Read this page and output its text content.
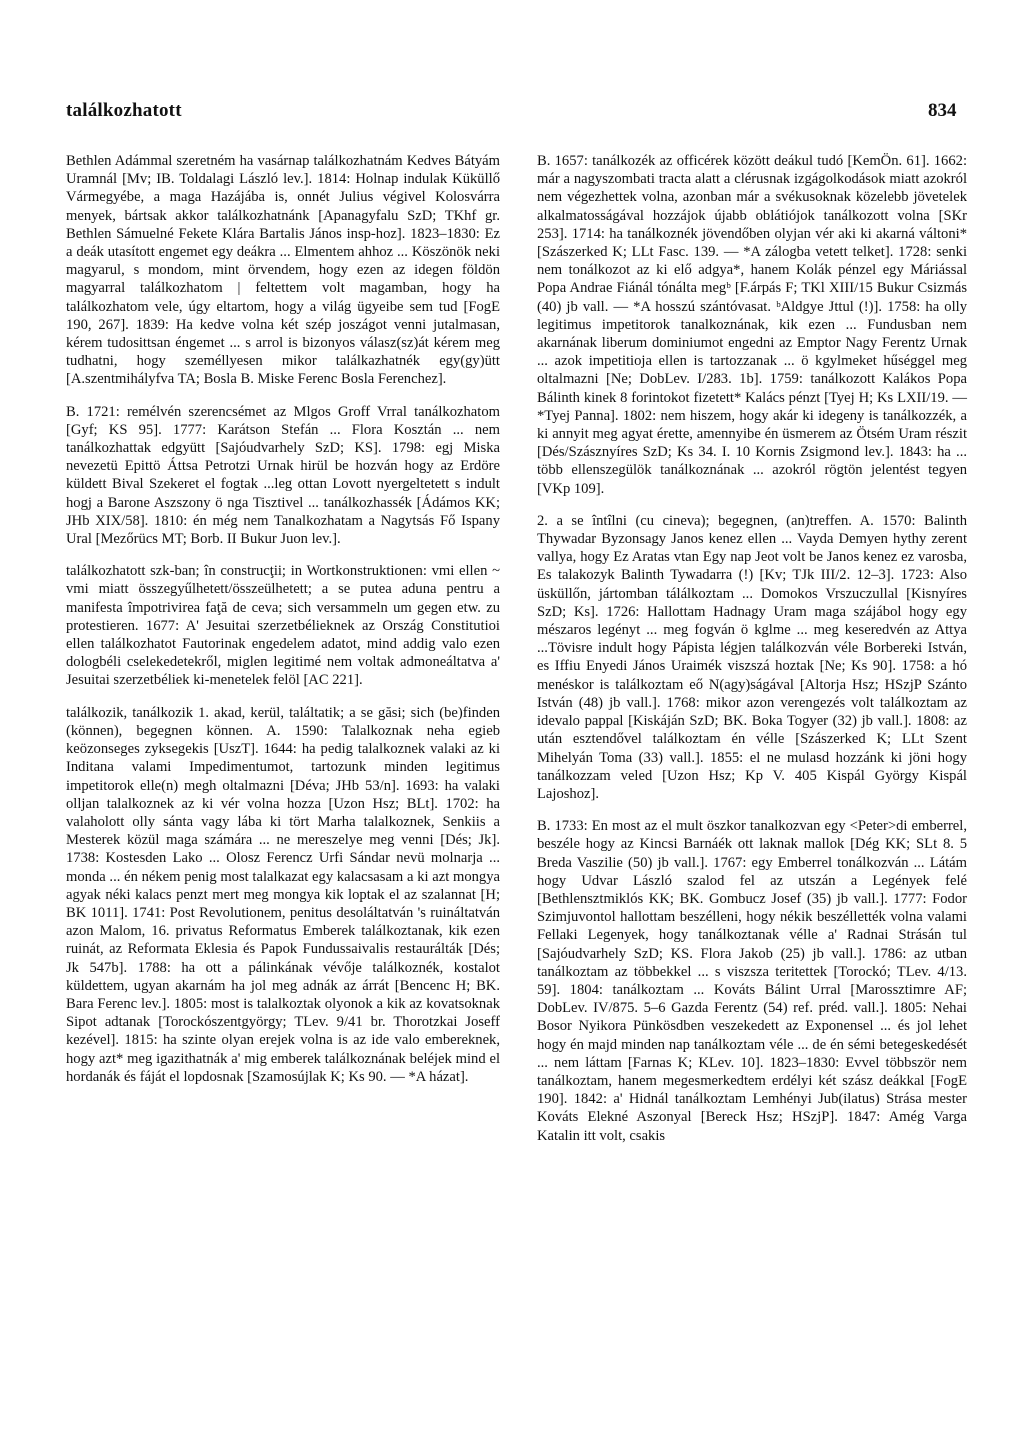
találkozhatott	834

Bethlen Adámmal szeretném ha vasárnap találkozhatnám Kedves Bátyám Uramnál [Mv; IB. Toldalagi László lev.]. 1814: Holnap indulak Küküllő Vármegyébe, a maga Hazájába is, onnét Julius végivel Kolosvárra menyek, bártsak akkor találkozhatnánk [Apanagyfalu SzD; TKhf gr. Bethlen Sámuelné Fekete Klára Bartalis János insp-hoz]. 1823–1830: Ez a deák utasított engemet egy deákra ... Elmentem ahhoz ... Köszönök neki magyarul, s mondom, mint örvendem, hogy ezen az idegen földön magyarral találkozhatom | feltettem volt magamban, hogy ha találkozhatom vele, úgy eltartom, hogy a világ ügyeibe sem tud [FogE 190, 267]. 1839: Ha kedve volna két szép joszágot venni jutalmasan, kérem tudosittsan éngemet ... s arrol is bizonyos válasz(sz)át kérem meg tudhatni, hogy személlyesen mikor találkazhatnék egy(gy)ütt [A.szentmihályfva TA; Bosla B. Miske Ferenc Bosla Ferenchez].

B. 1721: remélvén szerencsémet az Mlgos Groff Vrral tanálkozhatom [Gyf; KS 95]. 1777: Karátson Stefán ... Flora Kosztán ... nem tanálkozhattak edgyütt [Sajóudvarhely SzD; KS]. 1798: egj Miska nevezetü Epittö Áttsa Petrotzi Urnak hirül be hozván hogy az Erdöre küldett Bival Szekeret el fogtak ...leg ottan Lovott nyergeltetett s indult hogj a Barone Aszszony ö nga Tisztivel ... tanálkozhassék [Ádámos KK; JHb XIX/58]. 1810: én még nem Tanalkozhatam a Nagytsás Fő Ispany Ural [Mezőrücs MT; Borb. II Bukur Juon lev.].

találkozhatott szk-ban; în construcţii; in Wortkonstruktionen: vmi ellen ~ vmi miatt összegyűlhetett/összeülhetett; a se putea aduna pentru a manifesta împotrivirea faţă de ceva; sich versammeln um gegen etw. zu protestieren. 1677: A' Jesuitai szerzetbélieknek az Ország Constitutioi ellen találkozhatot Fautorinak engedelem adatot, mind addig valo ezen dologbéli cselekedetekről, miglen legitimé nem voltak admoneáltatva a' Jesuitai szerzetbéliek ki-menetelek felöl [AC 221].

találkozik, tanálkozik 1. akad, kerül, találtatik; a se găsi; sich (be)finden (können), begegnen können. A. 1590: Talalkoznak neha egieb keözonseges zyksegekis [UszT]. 1644: ha pedig talalkoznek valaki az ki Inditana valami Impedimentumot, tartozunk minden legitimus impetitorok elle(n) megh oltalmazni [Déva; JHb 53/n]. 1693: ha valaki olljan talalkoznek az ki vér volna hozza [Uzon Hsz; BLt]. 1702: ha valaholott olly sánta vagy lába ki tört Marha talalkoznek, Senkiis a Mesterek közül maga számára ... ne mereszelye meg venni [Dés; Jk]. 1738: Kostesden Lako ... Olosz Ferencz Urfi Sándar nevü molnarja ... monda ... én nékem penig most talalkazat egy kalacsasam a ki azt mongya agyak néki kalacs penzt mert meg mongya kik loptak el az szalannat [H; BK 1011]. 1741: Post Revolutionem, penitus desoláltatván 's ruináltatván azon Malom, 16. privatus Reformatus Emberek találkoztanak, kik ezen ruinát, az Reformata Eklesia és Papok Fundussaivalis restaurálták [Dés; Jk 547b]. 1788: ha ott a pálinkának vévője találkoznék, kostalot küldettem, ugyan akarnám ha jol meg adnák az árrát [Bencenc H; BK. Bara Ferenc lev.]. 1805: most is talalkoztak olyonok a kik az kovatsoknak Sipot adtanak [Torockószentgyörgy; TLev. 9/41 br. Thorotzkai Joseff kezével]. 1815: ha szinte olyan erejek volna is az ide valo embereknek, hogy azt* meg igazithatnák a' mig emberek találkoznának beléjek mind el hordanák és fáját el lopdosnak [Szamosújlak K; Ks 90. — *A házat].

B. 1657: tanálkozék az officérek között deákul tudó [KemÖn. 61]. 1662: már a nagyszombati tracta alatt a clérusnak izgágolkodások miatt azokról nem végezhettek volna, azonban már a svékusoknak közelebb jövetelek alkalmatosságával hozzájok újabb oblátiójok tanálkozott volna [SKr 253]. 1714: ha tanálkoznék jövendőben olyjan vér aki ki akarná váltoni* [Szászerked K; LLt Fasc. 139. — *A zálogba vetett telket]. 1728: senki nem tonálkozot az ki elő adgya*, hanem Kolák pénzel egy Máriással Popa Andrae Fiánál tónálta megᵇ [F.árpás F; TKl XIII/15 Bukur Csizmás (40) jb vall. — *A hosszú szántóvasat. ᵇAldgye Jttul (!)]. 1758: ha olly legitimus impetitorok tanalkoznának, kik ezen ... Fundusban nem akarnának liberum dominiumot engedni az Emptor Nagy Ferentz Urnak ... azok impetitioja ellen is tartozzanak ... ö kgylmeket hűséggel meg oltalmazni [Ne; DobLev. I/283. 1b]. 1759: tanálkozott Kalákos Popa Bálinth kinek 8 forintokot fizetett* Kalács pénzt [Tyej H; Ks LXII/19. — *Tyej Panna]. 1802: nem hiszem, hogy akár ki idegeny is tanálkozzék, a ki annyit meg agyat érette, amennyibe én üsmerem az Ötsém Uram részit [Dés/Szásznyíres SzD; Ks 34. I. 10 Kornis Zsigmond lev.]. 1843: ha ... több ellenszegülök tanálkoznának ... azokról rögtön jelentést tegyen [VKp 109].

2. a se întîlni (cu cineva); begegnen, (an)treffen. A. 1570: Balinth Thywadar Byzonsagy Janos kenez ellen ... Vayda Demyen hythy zerent vallya, hogy Ez Aratas vtan Egy nap Jeot volt be Janos kenez ez varosba, Es talakozyk Balinth Tywadarra (!) [Kv; TJk III/2. 12–3]. 1723: Also üsküllőn, jártomban tálálkoztam ... Domokos Vrszuczullal [Kisnyíres SzD; Ks]. 1726: Hallottam Hadnagy Uram maga szájábol hogy egy mészaros legényt ... meg fogván ö kglme ... meg keseredvén az Attya ...Tövisre indult hogy Pápista légjen találkozván véle Borbereki István, es Iffiu Enyedi János Uraimék viszszá hoztak [Ne; Ks 90]. 1758: a hó menéskor is találkoztam eő N(agy)ságával [Altorja Hsz; HSzjP Szánto István (48) jb vall.]. 1768: mikor azon verengezés volt találkoztam az idevalo pappal [Kiskáján SzD; BK. Boka Togyer (32) jb vall.]. 1808: az után esztendővel találkoztam én vélle [Szászerked K; LLt Szent Mihelyán Toma (33) vall.]. 1855: el ne mulasd hozzánk ki jöni hogy tanálkozzam veled [Uzon Hsz; Kp V. 405 Kispál György Kispál Lajoshoz].

B. 1733: En most az el mult öszkor tanalkozvan egy <Peter>di emberrel, beszéle hogy az Kincsi Barnáék ott laknak mallok [Dég KK; SLt 8. 5 Breda Vaszilie (50) jb vall.]. 1767: egy Emberrel tonálkozván ... Látám hogy Udvar László szalod fel az utszán a Legények felé [Bethlensztmiklós KK; BK. Gombucz Josef (35) jb vall.]. 1777: Fodor Szimjuvontol hallottam beszélleni, hogy nékik beszéllették volna valami Fellaki Legenyek, hogy tanálkoztanak vélle a' Radnai Strásán tul [Sajóudvarhely SzD; KS. Flora Jakob (25) jb vall.]. 1786: az utban tanálkoztam az többekkel ... s viszsza teritettek [Torockó; TLev. 4/13. 59]. 1804: tanálkoztam ... Kováts Bálint Urral [Marossztimre AF; DobLev. IV/875. 5–6 Gazda Ferentz (54) ref. préd. vall.]. 1805: Nehai Bosor Nyikora Pünkösdben veszekedett az Exponensel ... és jol lehet hogy én majd minden nap tanálkoztam véle ... de én sémi betegeskedését ... nem láttam [Farnas K; KLev. 10]. 1823–1830: Evvel többször nem tanálkoztam, hanem megesmerkedtem erdélyi két szász deákkal [FogE 190]. 1842: a' Hidnál tanálkoztam Lemhényi Jub(ilatus) Strása mester Kováts Elekné Aszonyal [Bereck Hsz; HSzjP]. 1847: Amég Varga Katalin itt volt, csakis
